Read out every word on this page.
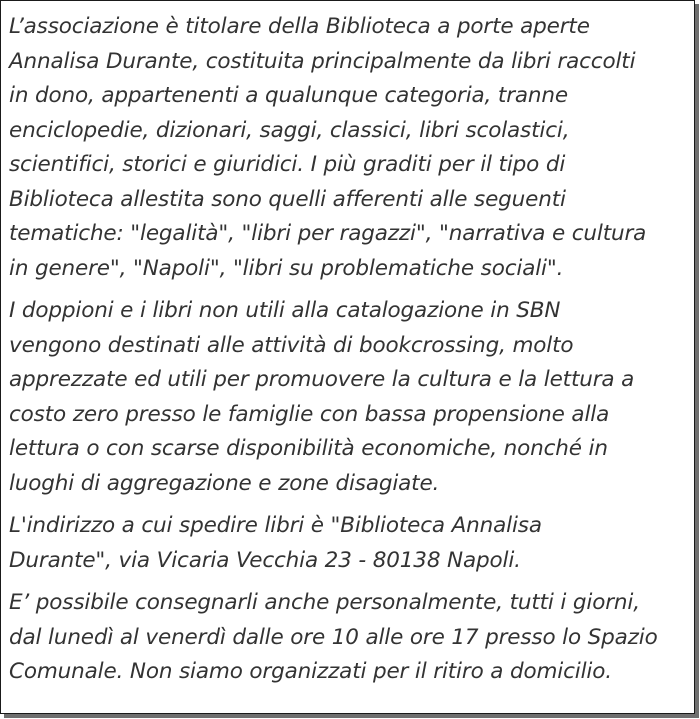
L’associazione è titolare della Biblioteca a porte aperte
Annalisa Durante, costituita principalmente da libri raccolti
in dono, appartenenti a qualunque categoria, tranne
enciclopedie, dizionari, saggi, classici, libri scolastici,
scientifici, storici e giuridici. I più graditi per il tipo di
Biblioteca allestita sono quelli afferenti alle seguenti
tematiche: "legalità", "libri per ragazzi", "narrativa e cultura
in genere", "Napoli", "libri su problematiche sociali".

I doppioni e i libri non utili alla catalogazione in SBN
vengono destinati alle attività di bookcrossing, molto
apprezzate ed utili per promuovere la cultura e la lettura a
costo zero presso le famiglie con bassa propensione alla
lettura o con scarse disponibilità economiche, nonché in
luoghi di aggregazione e zone disagiate.

L'indirizzo a cui spedire libri è "Biblioteca Annalisa
Durante", via Vicaria Vecchia 23 - 80138 Napoli.

E’ possibile consegnarli anche personalmente, tutti i giorni,
dal lunedì al venerdì dalle ore 10 alle ore 17 presso lo Spazio
Comunale. Non siamo organizzati per il ritiro a domicilio.
